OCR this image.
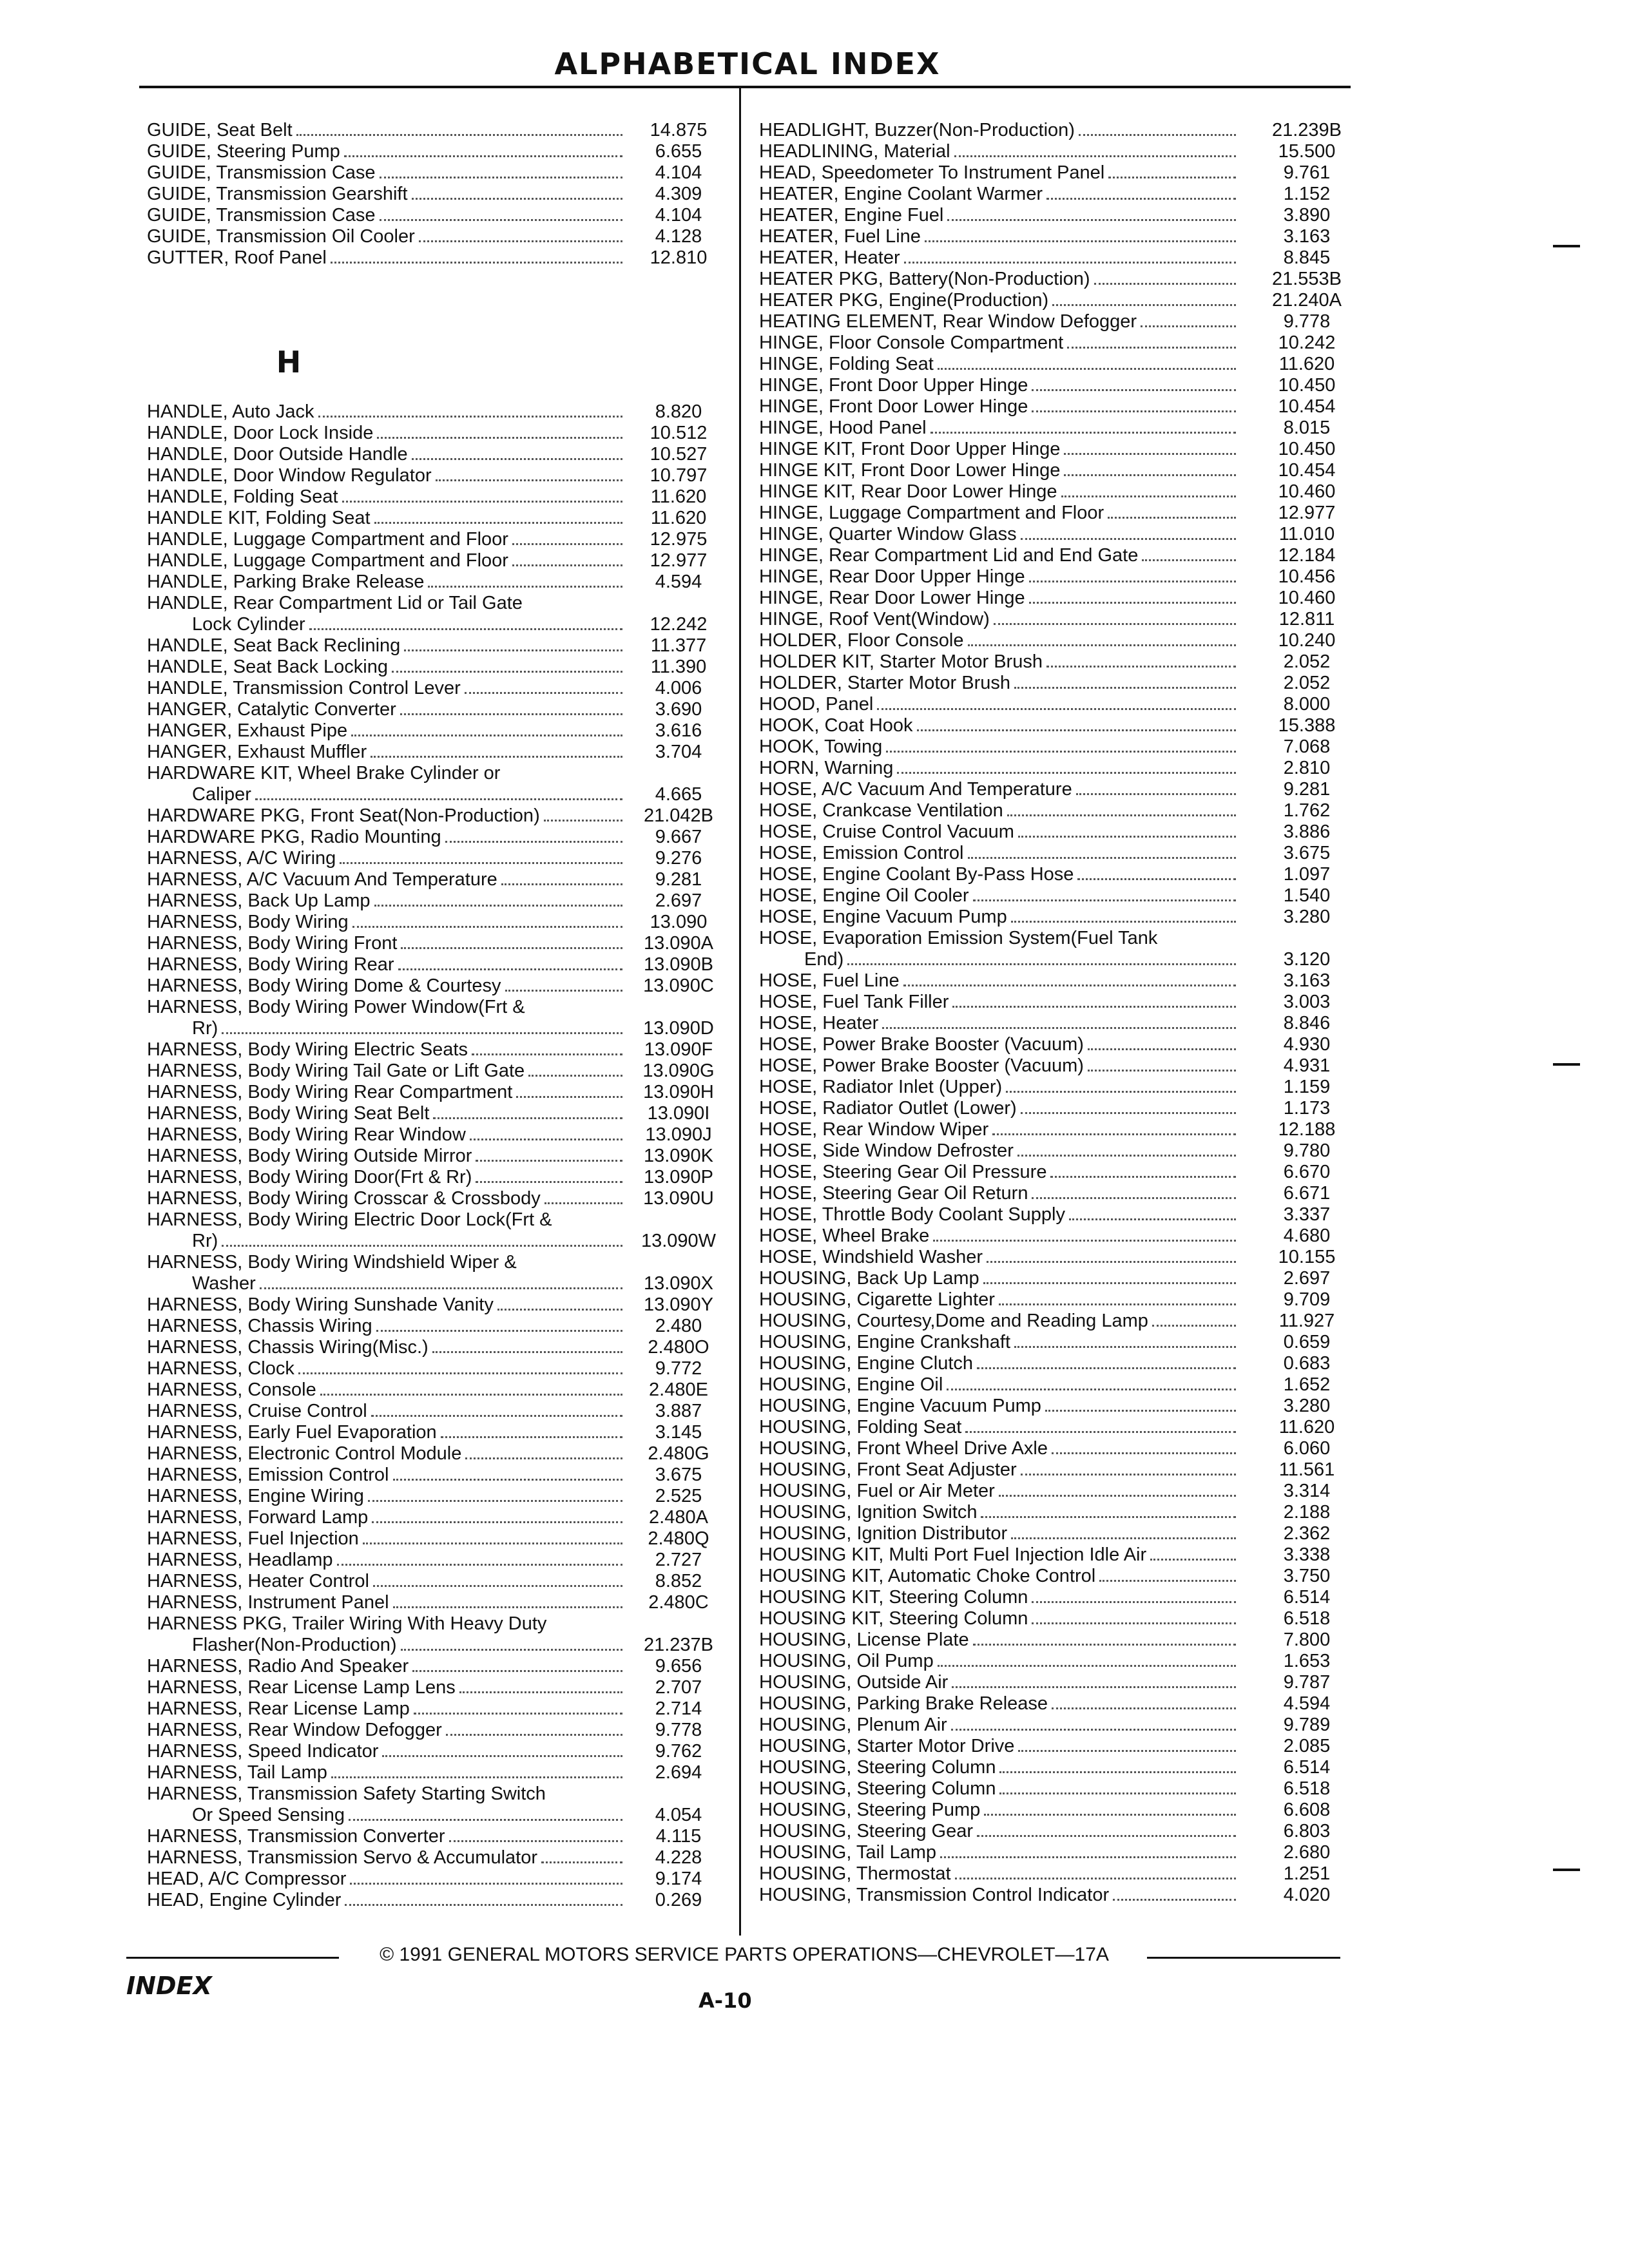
ALPHABETICAL INDEX
GUIDE, Seat Belt	14.875
GUIDE, Steering Pump	6.655
GUIDE, Transmission Case	4.104
GUIDE, Transmission Gearshift	4.309
GUIDE, Transmission Case	4.104
GUIDE, Transmission Oil Cooler	4.128
GUTTER, Roof Panel	12.810
H
HANDLE, Auto Jack	8.820
HANDLE, Door Lock Inside	10.512
HANDLE, Door Outside Handle	10.527
HANDLE, Door Window Regulator	10.797
HANDLE, Folding Seat	11.620
HANDLE KIT, Folding Seat	11.620
HANDLE, Luggage Compartment and Floor	12.975
HANDLE, Luggage Compartment and Floor	12.977
HANDLE, Parking Brake Release	4.594
HANDLE, Rear Compartment Lid or Tail Gate
Lock Cylinder	12.242
HANDLE, Seat Back Reclining	11.377
HANDLE, Seat Back Locking	11.390
HANDLE, Transmission Control Lever	4.006
HANGER, Catalytic Converter	3.690
HANGER, Exhaust Pipe	3.616
HANGER, Exhaust Muffler	3.704
HARDWARE KIT, Wheel Brake Cylinder or
Caliper	4.665
HARDWARE PKG, Front Seat(Non-Production)	21.042B
HARDWARE PKG, Radio Mounting	9.667
HARNESS, A/C Wiring	9.276
HARNESS, A/C Vacuum And Temperature	9.281
HARNESS, Back Up Lamp	2.697
HARNESS, Body Wiring	13.090
HARNESS, Body Wiring Front	13.090A
HARNESS, Body Wiring Rear	13.090B
HARNESS, Body Wiring Dome & Courtesy	13.090C
HARNESS, Body Wiring Power Window(Frt &
Rr)	13.090D
HARNESS, Body Wiring Electric Seats	13.090F
HARNESS, Body Wiring Tail Gate or Lift Gate	13.090G
HARNESS, Body Wiring Rear Compartment	13.090H
HARNESS, Body Wiring Seat Belt	13.090I
HARNESS, Body Wiring Rear Window	13.090J
HARNESS, Body Wiring Outside Mirror	13.090K
HARNESS, Body Wiring Door(Frt & Rr)	13.090P
HARNESS, Body Wiring Crosscar & Crossbody	13.090U
HARNESS, Body Wiring Electric Door Lock(Frt &
Rr)	13.090W
HARNESS, Body Wiring Windshield Wiper &
Washer	13.090X
HARNESS, Body Wiring Sunshade Vanity	13.090Y
HARNESS, Chassis Wiring	2.480
HARNESS, Chassis Wiring(Misc.)	2.480O
HARNESS, Clock	9.772
HARNESS, Console	2.480E
HARNESS, Cruise Control	3.887
HARNESS, Early Fuel Evaporation	3.145
HARNESS, Electronic Control Module	2.480G
HARNESS, Emission Control	3.675
HARNESS, Engine Wiring	2.525
HARNESS, Forward Lamp	2.480A
HARNESS, Fuel Injection	2.480Q
HARNESS, Headlamp	2.727
HARNESS, Heater Control	8.852
HARNESS, Instrument Panel	2.480C
HARNESS PKG, Trailer Wiring With Heavy Duty
Flasher(Non-Production)	21.237B
HARNESS, Radio And Speaker	9.656
HARNESS, Rear License Lamp Lens	2.707
HARNESS, Rear License Lamp	2.714
HARNESS, Rear Window Defogger	9.778
HARNESS, Speed Indicator	9.762
HARNESS, Tail Lamp	2.694
HARNESS, Transmission Safety Starting Switch
Or Speed Sensing	4.054
HARNESS, Transmission Converter	4.115
HARNESS, Transmission Servo & Accumulator	4.228
HEAD, A/C Compressor	9.174
HEAD, Engine Cylinder	0.269
HEADLIGHT, Buzzer(Non-Production)	21.239B
HEADLINING, Material	15.500
HEAD, Speedometer To Instrument Panel	9.761
HEATER, Engine Coolant Warmer	1.152
HEATER, Engine Fuel	3.890
HEATER, Fuel Line	3.163
HEATER, Heater	8.845
HEATER PKG, Battery(Non-Production)	21.553B
HEATER PKG, Engine(Production)	21.240A
HEATING ELEMENT, Rear Window Defogger	9.778
HINGE, Floor Console Compartment	10.242
HINGE, Folding Seat	11.620
HINGE, Front Door Upper Hinge	10.450
HINGE, Front Door Lower Hinge	10.454
HINGE, Hood Panel	8.015
HINGE KIT, Front Door Upper Hinge	10.450
HINGE KIT, Front Door Lower Hinge	10.454
HINGE KIT, Rear Door Lower Hinge	10.460
HINGE, Luggage Compartment and Floor	12.977
HINGE, Quarter Window Glass	11.010
HINGE, Rear Compartment Lid and End Gate	12.184
HINGE, Rear Door Upper Hinge	10.456
HINGE, Rear Door Lower Hinge	10.460
HINGE, Roof Vent(Window)	12.811
HOLDER, Floor Console	10.240
HOLDER KIT, Starter Motor Brush	2.052
HOLDER, Starter Motor Brush	2.052
HOOD, Panel	8.000
HOOK, Coat Hook	15.388
HOOK, Towing	7.068
HORN, Warning	2.810
HOSE, A/C Vacuum And Temperature	9.281
HOSE, Crankcase Ventilation	1.762
HOSE, Cruise Control Vacuum	3.886
HOSE, Emission Control	3.675
HOSE, Engine Coolant By-Pass Hose	1.097
HOSE, Engine Oil Cooler	1.540
HOSE, Engine Vacuum Pump	3.280
HOSE, Evaporation Emission System(Fuel Tank
End)	3.120
HOSE, Fuel Line	3.163
HOSE, Fuel Tank Filler	3.003
HOSE, Heater	8.846
HOSE, Power Brake Booster (Vacuum)	4.930
HOSE, Power Brake Booster (Vacuum)	4.931
HOSE, Radiator Inlet (Upper)	1.159
HOSE, Radiator Outlet (Lower)	1.173
HOSE, Rear Window Wiper	12.188
HOSE, Side Window Defroster	9.780
HOSE, Steering Gear Oil Pressure	6.670
HOSE, Steering Gear Oil Return	6.671
HOSE, Throttle Body Coolant Supply	3.337
HOSE, Wheel Brake	4.680
HOSE, Windshield Washer	10.155
HOUSING, Back Up Lamp	2.697
HOUSING, Cigarette Lighter	9.709
HOUSING, Courtesy,Dome and Reading Lamp	11.927
HOUSING, Engine Crankshaft	0.659
HOUSING, Engine Clutch	0.683
HOUSING, Engine Oil	1.652
HOUSING, Engine Vacuum Pump	3.280
HOUSING, Folding Seat	11.620
HOUSING, Front Wheel Drive Axle	6.060
HOUSING, Front Seat Adjuster	11.561
HOUSING, Fuel or Air Meter	3.314
HOUSING, Ignition Switch	2.188
HOUSING, Ignition Distributor	2.362
HOUSING KIT, Multi Port Fuel Injection Idle Air	3.338
HOUSING KIT, Automatic Choke Control	3.750
HOUSING KIT, Steering Column	6.514
HOUSING KIT, Steering Column	6.518
HOUSING, License Plate	7.800
HOUSING, Oil Pump	1.653
HOUSING, Outside Air	9.787
HOUSING, Parking Brake Release	4.594
HOUSING, Plenum Air	9.789
HOUSING, Starter Motor Drive	2.085
HOUSING, Steering Column	6.514
HOUSING, Steering Column	6.518
HOUSING, Steering Pump	6.608
HOUSING, Steering Gear	6.803
HOUSING, Tail Lamp	2.680
HOUSING, Thermostat	1.251
HOUSING, Transmission Control Indicator	4.020
© 1991 GENERAL MOTORS SERVICE PARTS OPERATIONS—CHEVROLET—17A
INDEX
A-10
